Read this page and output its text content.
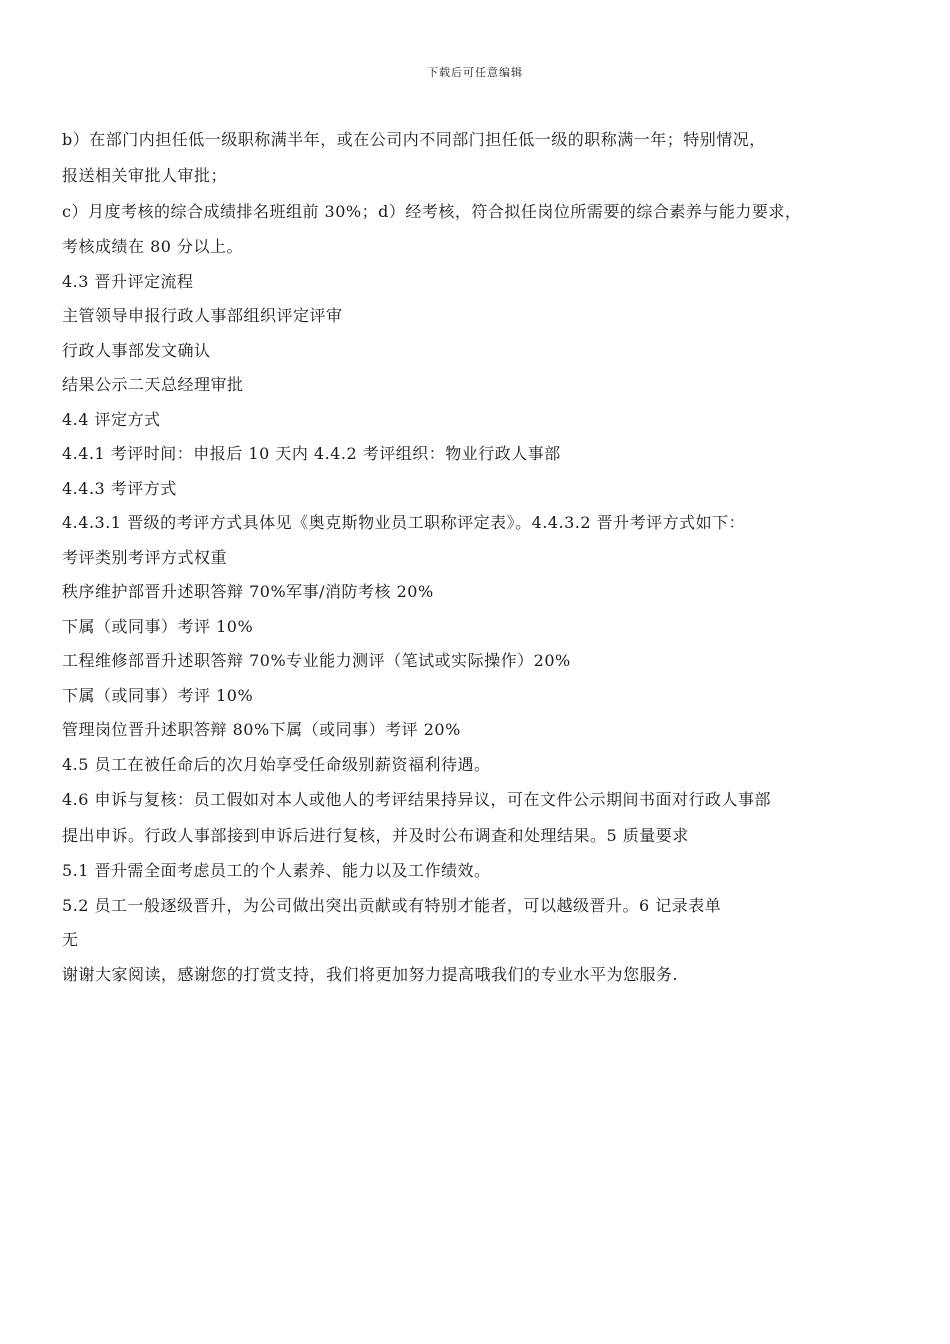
下载后可任意编辑
b）在部门内担任低一级职称满半年，或在公司内不同部门担任低一级的职称满一年；特别情况，
报送相关审批人审批；
c）月度考核的综合成绩排名班组前 30%；d）经考核，符合拟任岗位所需要的综合素养与能力要求，
考核成绩在 80 分以上。
4.3 晋升评定流程
主管领导申报行政人事部组织评定评审
行政人事部发文确认
结果公示二天总经理审批
4.4 评定方式
4.4.1 考评时间：申报后 10 天内 4.4.2 考评组织：物业行政人事部
4.4.3 考评方式
4.4.3.1 晋级的考评方式具体见《奥克斯物业员工职称评定表》。4.4.3.2 晋升考评方式如下：
考评类别考评方式权重
秩序维护部晋升述职答辩 70%军事/消防考核 20%
下属（或同事）考评 10%
工程维修部晋升述职答辩 70%专业能力测评（笔试或实际操作）20%
下属（或同事）考评 10%
管理岗位晋升述职答辩 80%下属（或同事）考评 20%
4.5 员工在被任命后的次月始享受任命级别薪资福利待遇。
4.6 申诉与复核：员工假如对本人或他人的考评结果持异议，可在文件公示期间书面对行政人事部
提出申诉。行政人事部接到申诉后进行复核，并及时公布调查和处理结果。5 质量要求
5.1 晋升需全面考虑员工的个人素养、能力以及工作绩效。
5.2 员工一般逐级晋升，为公司做出突出贡献或有特别才能者，可以越级晋升。6 记录表单
无
谢谢大家阅读，感谢您的打赏支持，我们将更加努力提高哦我们的专业水平为您服务.
